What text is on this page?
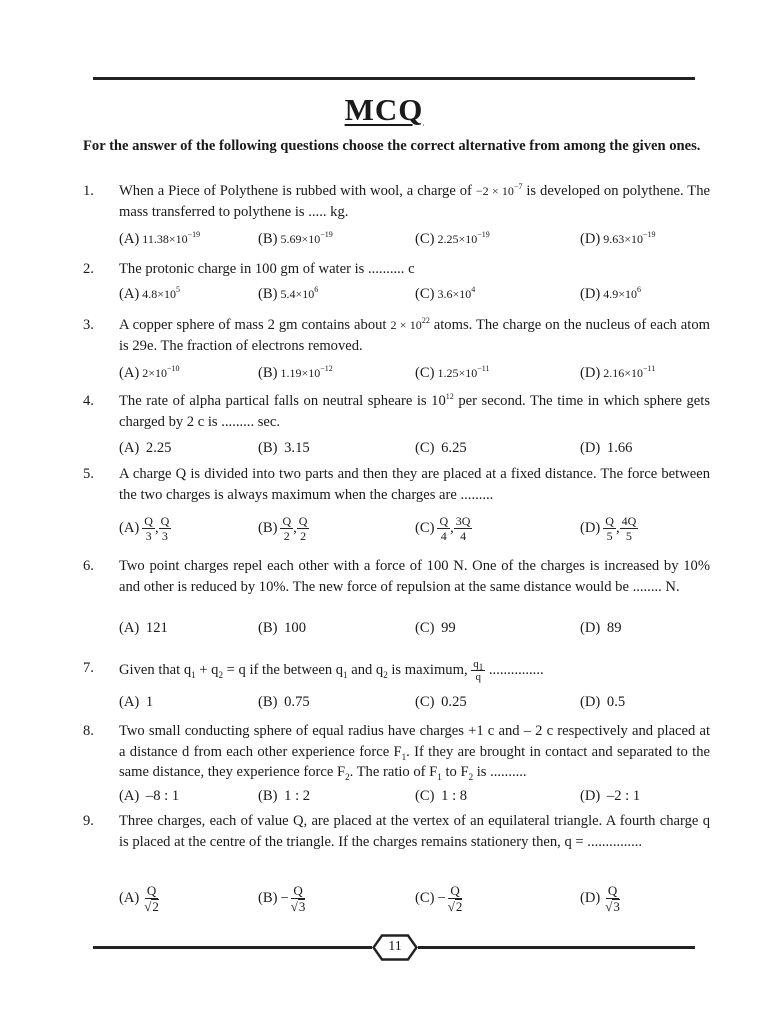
MCQ
For the answer of the following questions choose the correct alternative from among the given ones.
1. When a Piece of Polythene is rubbed with wool, a charge of $-2 \times 10^{-7}$ is developed on polythene. The mass transferred to polythene is ..... kg.
(A) $11.38\times 10^{-19}$	(B) $5.69\times 10^{-19}$	(C) $2.25\times 10^{-19}$	(D) $9.63\times 10^{-19}$
2. The protonic charge in 100 gm of water is .......... c
(A) $4.8\times 10^5$	(B) $5.4\times 10^6$	(C) $3.6\times 10^4$	(D) $4.9\times 10^6$
3. A copper sphere of mass 2 gm contains about $2 \times 10^{22}$ atoms. The charge on the nucleus of each atom is 29e. The fraction of electrons removed.
(A) $2\times 10^{-10}$	(B) $1.19\times 10^{-12}$	(C) $1.25\times 10^{-11}$	(D) $2.16\times 10^{-11}$
4. The rate of alpha partical falls on neutral spheare is $10^{12}$ per second. The time in which sphere gets charged by 2 c is ......... sec.
(A) 2.25	(B) 3.15	(C) 6.25	(D) 1.66
5. A charge Q is divided into two parts and then they are placed at a fixed distance. The force between the two charges is always maximum when the charges are .........
$(A) \frac{Q}{3}$ , $\frac{Q}{3}$	$(B) \frac{Q}{2}$ , $\frac{Q}{2}$	$(C) \frac{Q}{4}$ , $\frac{3Q}{4}$	$(D) \frac{Q}{5}$ , $\frac{4Q}{5}$
6. Two point charges repel each other with a force of 100 N. One of the charges is increased by 10% and other is reduced by 10%. The new force of repulsion at the same distance would be ........ N.
(A) 121	(B) 100	(C) 99	(D) 89
7. Given that $q_1 + q_2 = q$ if the between $q_1$ and $q_2$ is maximum, $\frac{q_1}{q}$ ...............
(A) 1	(B) 0.75	(C) 0.25	(D) 0.5
8. Two small conducting sphere of equal radius have charges +1 c and – 2 c respectively and placed at a distance d from each other experience force $F_1$. If they are brought in contact and separated to the same distance, they experience force $F_2$. The ratio of $F_1$ to $F_2$ is ..........
(A) –8 : 1	(B) 1 : 2	(C) 1 : 8	(D) –2 : 1
9. Three charges, each of value Q, are placed at the vertex of an equilateral triangle. A fourth charge q is placed at the centre of the triangle. If the charges remains stationery then, q = ...............
$(A) \frac{Q}{√2}$	$(B) - \frac{Q}{√3}$	$(C) - \frac{Q}{√2}$	$(D) \frac{Q}{√3}$
11
